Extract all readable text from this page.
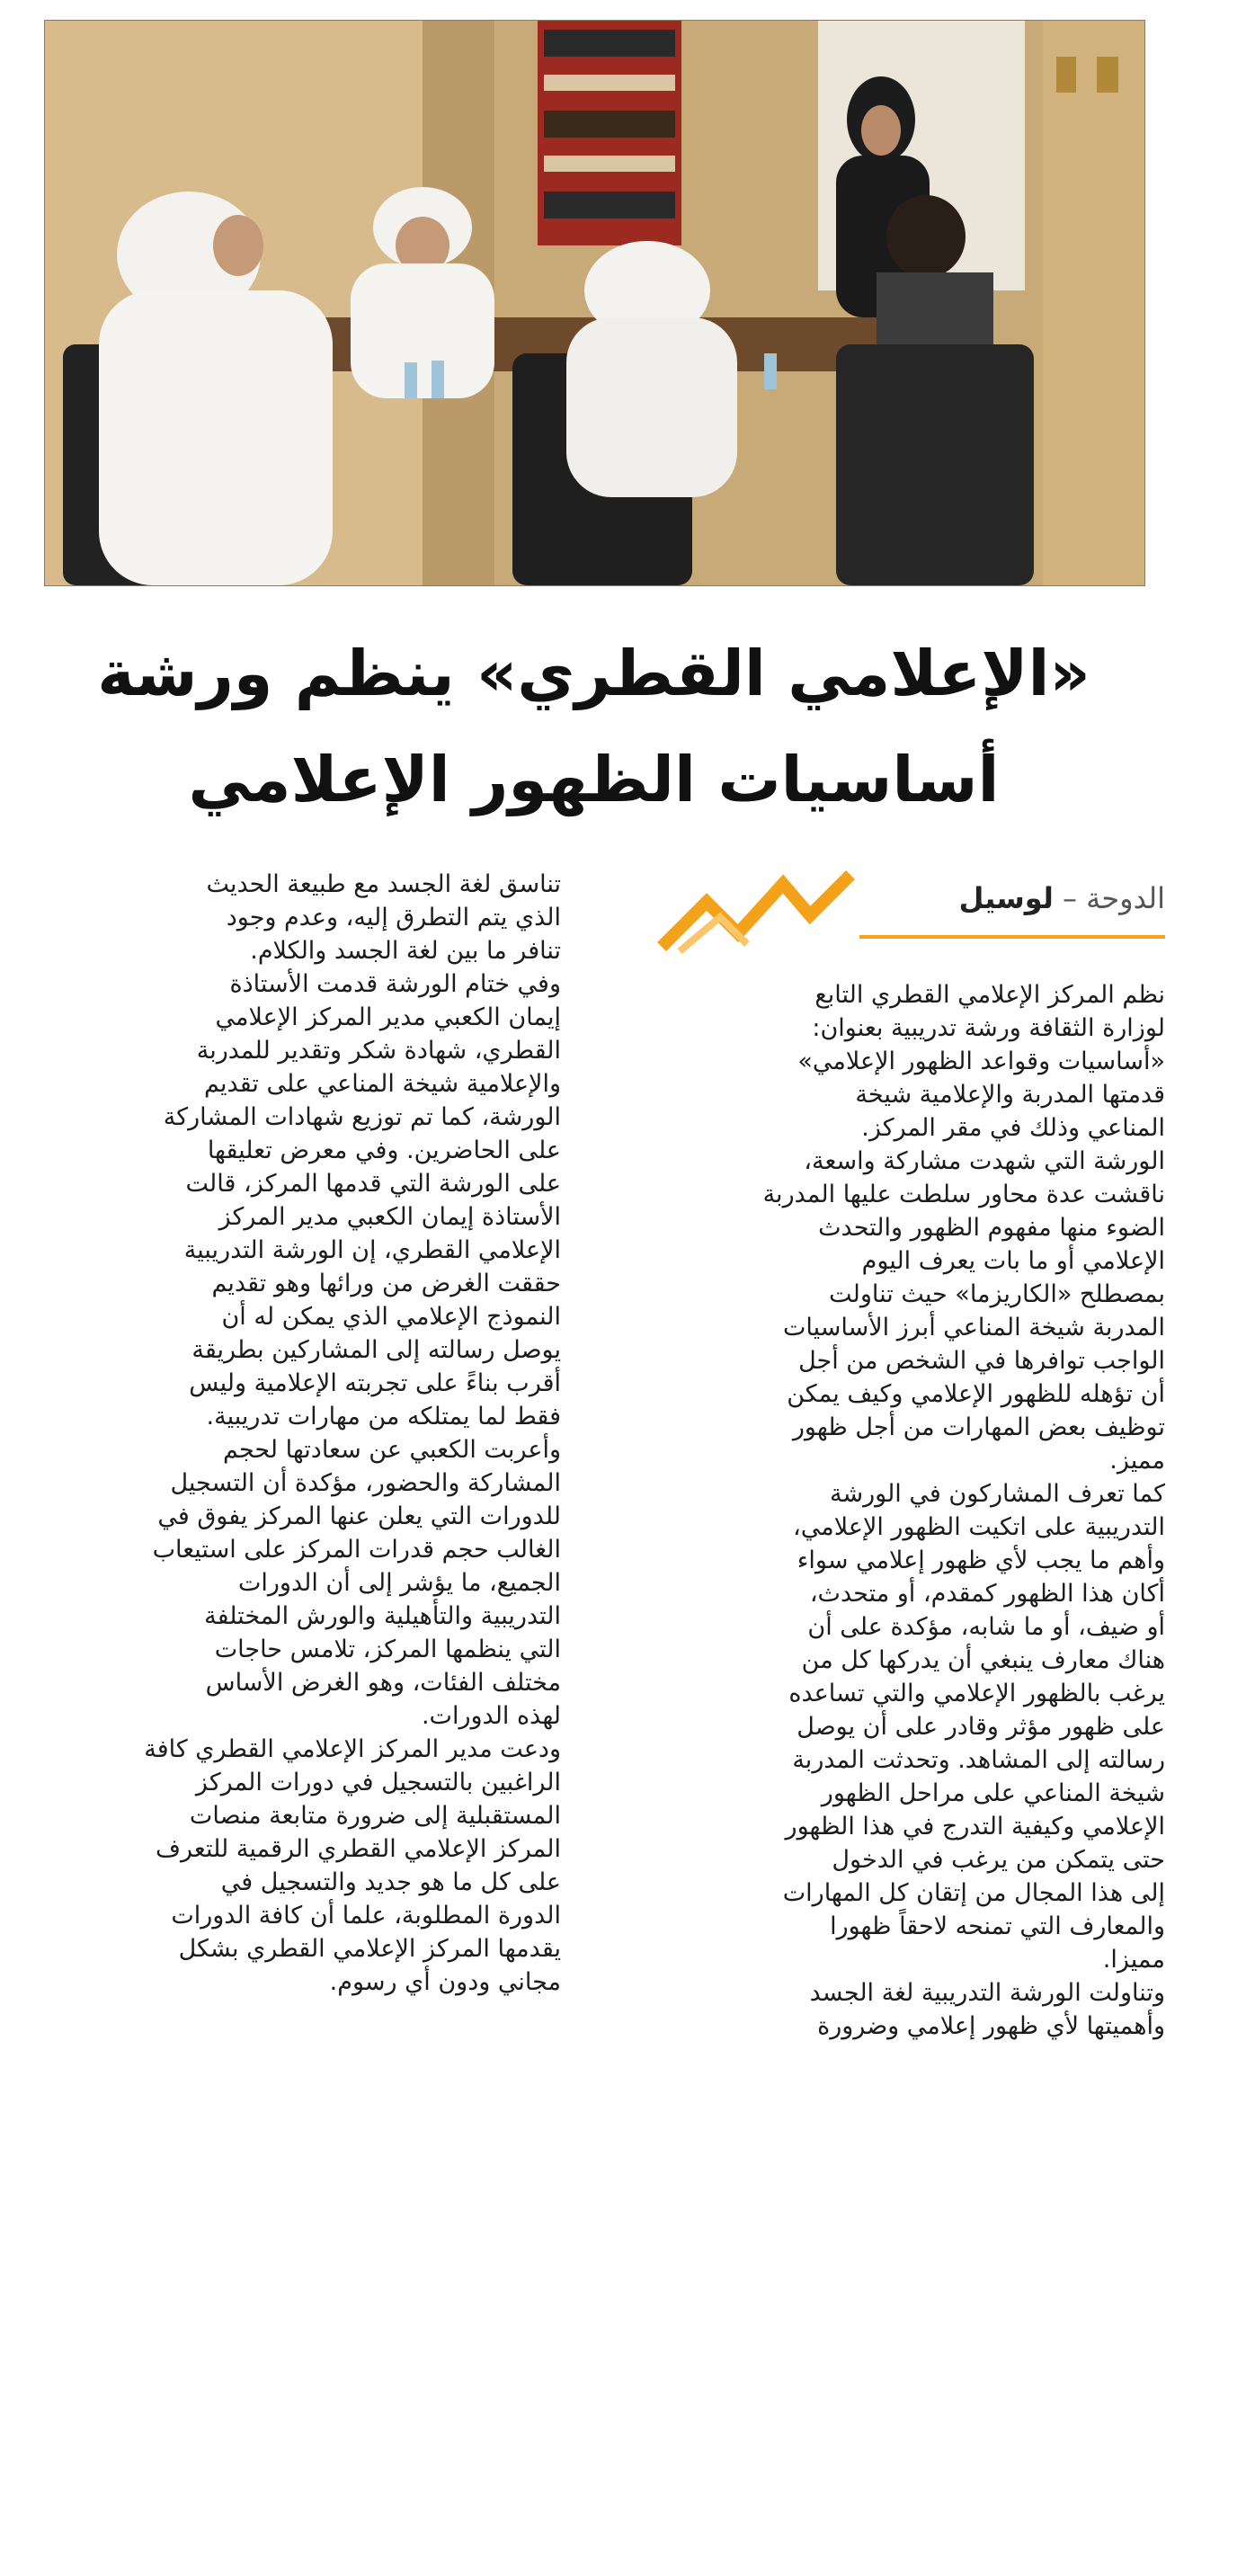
«الإعلامي القطري» ينظم ورشة
أساسيات الظهور الإعلامي
الدوحة – لوسيل
نظم المركز الإعلامي القطري التابع
لوزارة الثقافة ورشة تدريبية بعنوان:
«أساسيات وقواعد الظهور الإعلامي»
قدمتها المدربة والإعلامية شيخة
المناعي وذلك في مقر المركز.
الورشة التي شهدت مشاركة واسعة،
ناقشت عدة محاور سلطت عليها المدربة
الضوء منها مفهوم الظهور والتحدث
الإعلامي أو ما بات يعرف اليوم
بمصطلح «الكاريزما» حيث تناولت
المدربة شيخة المناعي أبرز الأساسيات
الواجب توافرها في الشخص من أجل
أن تؤهله للظهور الإعلامي وكيف يمكن
توظيف بعض المهارات من أجل ظهور
مميز.
كما تعرف المشاركون في الورشة
التدريبية على اتكيت الظهور الإعلامي،
وأهم ما يجب لأي ظهور إعلامي سواء
أكان هذا الظهور كمقدم، أو متحدث،
أو ضيف، أو ما شابه، مؤكدة على أن
هناك معارف ينبغي أن يدركها كل من
يرغب بالظهور الإعلامي والتي تساعده
على ظهور مؤثر وقادر على أن يوصل
رسالته إلى المشاهد. وتحدثت المدربة
شيخة المناعي على مراحل الظهور
الإعلامي وكيفية التدرج في هذا الظهور
حتى يتمكن من يرغب في الدخول
إلى هذا المجال من إتقان كل المهارات
والمعارف التي تمنحه لاحقاً ظهورا
مميزا.
وتناولت الورشة التدريبية لغة الجسد
وأهميتها لأي ظهور إعلامي وضرورة
تناسق لغة الجسد مع طبيعة الحديث
الذي يتم التطرق إليه، وعدم وجود
تنافر ما بين لغة الجسد والكلام.
وفي ختام الورشة قدمت الأستاذة
إيمان الكعبي مدير المركز الإعلامي
القطري، شهادة شكر وتقدير للمدربة
والإعلامية شيخة المناعي على تقديم
الورشة، كما تم توزيع شهادات المشاركة
على الحاضرين. وفي معرض تعليقها
على الورشة التي قدمها المركز، قالت
الأستاذة إيمان الكعبي مدير المركز
الإعلامي القطري، إن الورشة التدريبية
حققت الغرض من ورائها وهو تقديم
النموذج الإعلامي الذي يمكن له أن
يوصل رسالته إلى المشاركين بطريقة
أقرب بناءً على تجربته الإعلامية وليس
فقط لما يمتلكه من مهارات تدريبية.
وأعربت الكعبي عن سعادتها لحجم
المشاركة والحضور، مؤكدة أن التسجيل
للدورات التي يعلن عنها المركز يفوق في
الغالب حجم قدرات المركز على استيعاب
الجميع، ما يؤشر إلى أن الدورات
التدريبية والتأهيلية والورش المختلفة
التي ينظمها المركز، تلامس حاجات
مختلف الفئات، وهو الغرض الأساس
لهذه الدورات.
ودعت مدير المركز الإعلامي القطري كافة
الراغبين بالتسجيل في دورات المركز
المستقبلية إلى ضرورة متابعة منصات
المركز الإعلامي القطري الرقمية للتعرف
على كل ما هو جديد والتسجيل في
الدورة المطلوبة، علما أن كافة الدورات
يقدمها المركز الإعلامي القطري بشكل
مجاني ودون أي رسوم.
